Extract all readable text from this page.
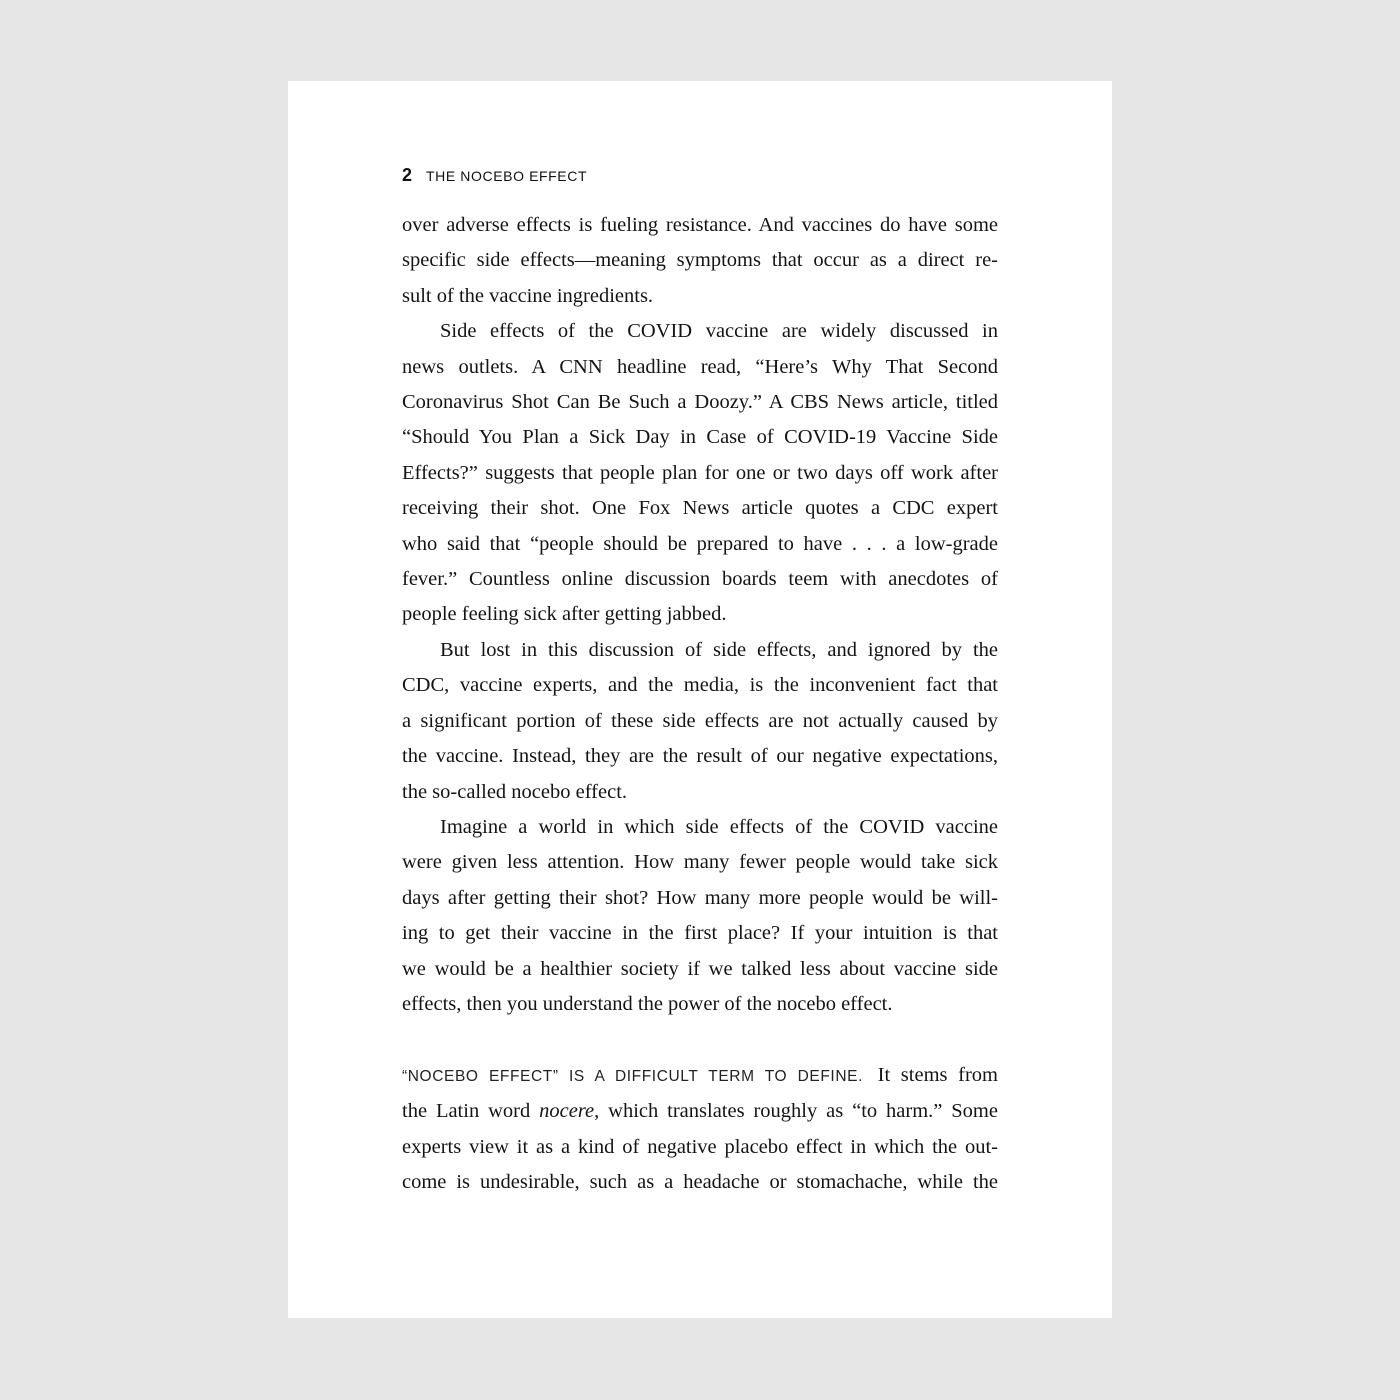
2 THE NOCEBO EFFECT

over adverse effects is fueling resistance. And vaccines do have some
specific side effects—meaning symptoms that occur as a direct re-
sult of the vaccine ingredients.

Side effects of the COVID vaccine are widely discussed in
news outlets. A CNN headline read, “Here’s Why That Second
Coronavirus Shot Can Be Such a Doozy.” A CBS News article, titled
“Should You Plan a Sick Day in Case of COVID-19 Vaccine Side
Effects?” suggests that people plan for one or two days off work after
receiving their shot. One Fox News article quotes a CDC expert
who said that “people should be prepared to have . . . a low-grade
fever.” Countless online discussion boards teem with anecdotes of
people feeling sick after getting jabbed.

But lost in this discussion of side effects, and ignored by the
CDC, vaccine experts, and the media, is the inconvenient fact that
a significant portion of these side effects are not actually caused by
the vaccine. Instead, they are the result of our negative expectations,
the so-called nocebo effect.

Imagine a world in which side effects of the COVID vaccine
were given less attention. How many fewer people would take sick
days after getting their shot? How many more people would be will-
ing to get their vaccine in the first place? If your intuition is that
we would be a healthier society if we talked less about vaccine side
effects, then you understand the power of the nocebo effect.

“NOCEBO EFFECT” IS A DIFFICULT TERM TO DEFINE. It stems from
the Latin word nocere, which translates roughly as “to harm.” Some
experts view it as a kind of negative placebo effect in which the out-
come is undesirable, such as a headache or stomachache, while the
